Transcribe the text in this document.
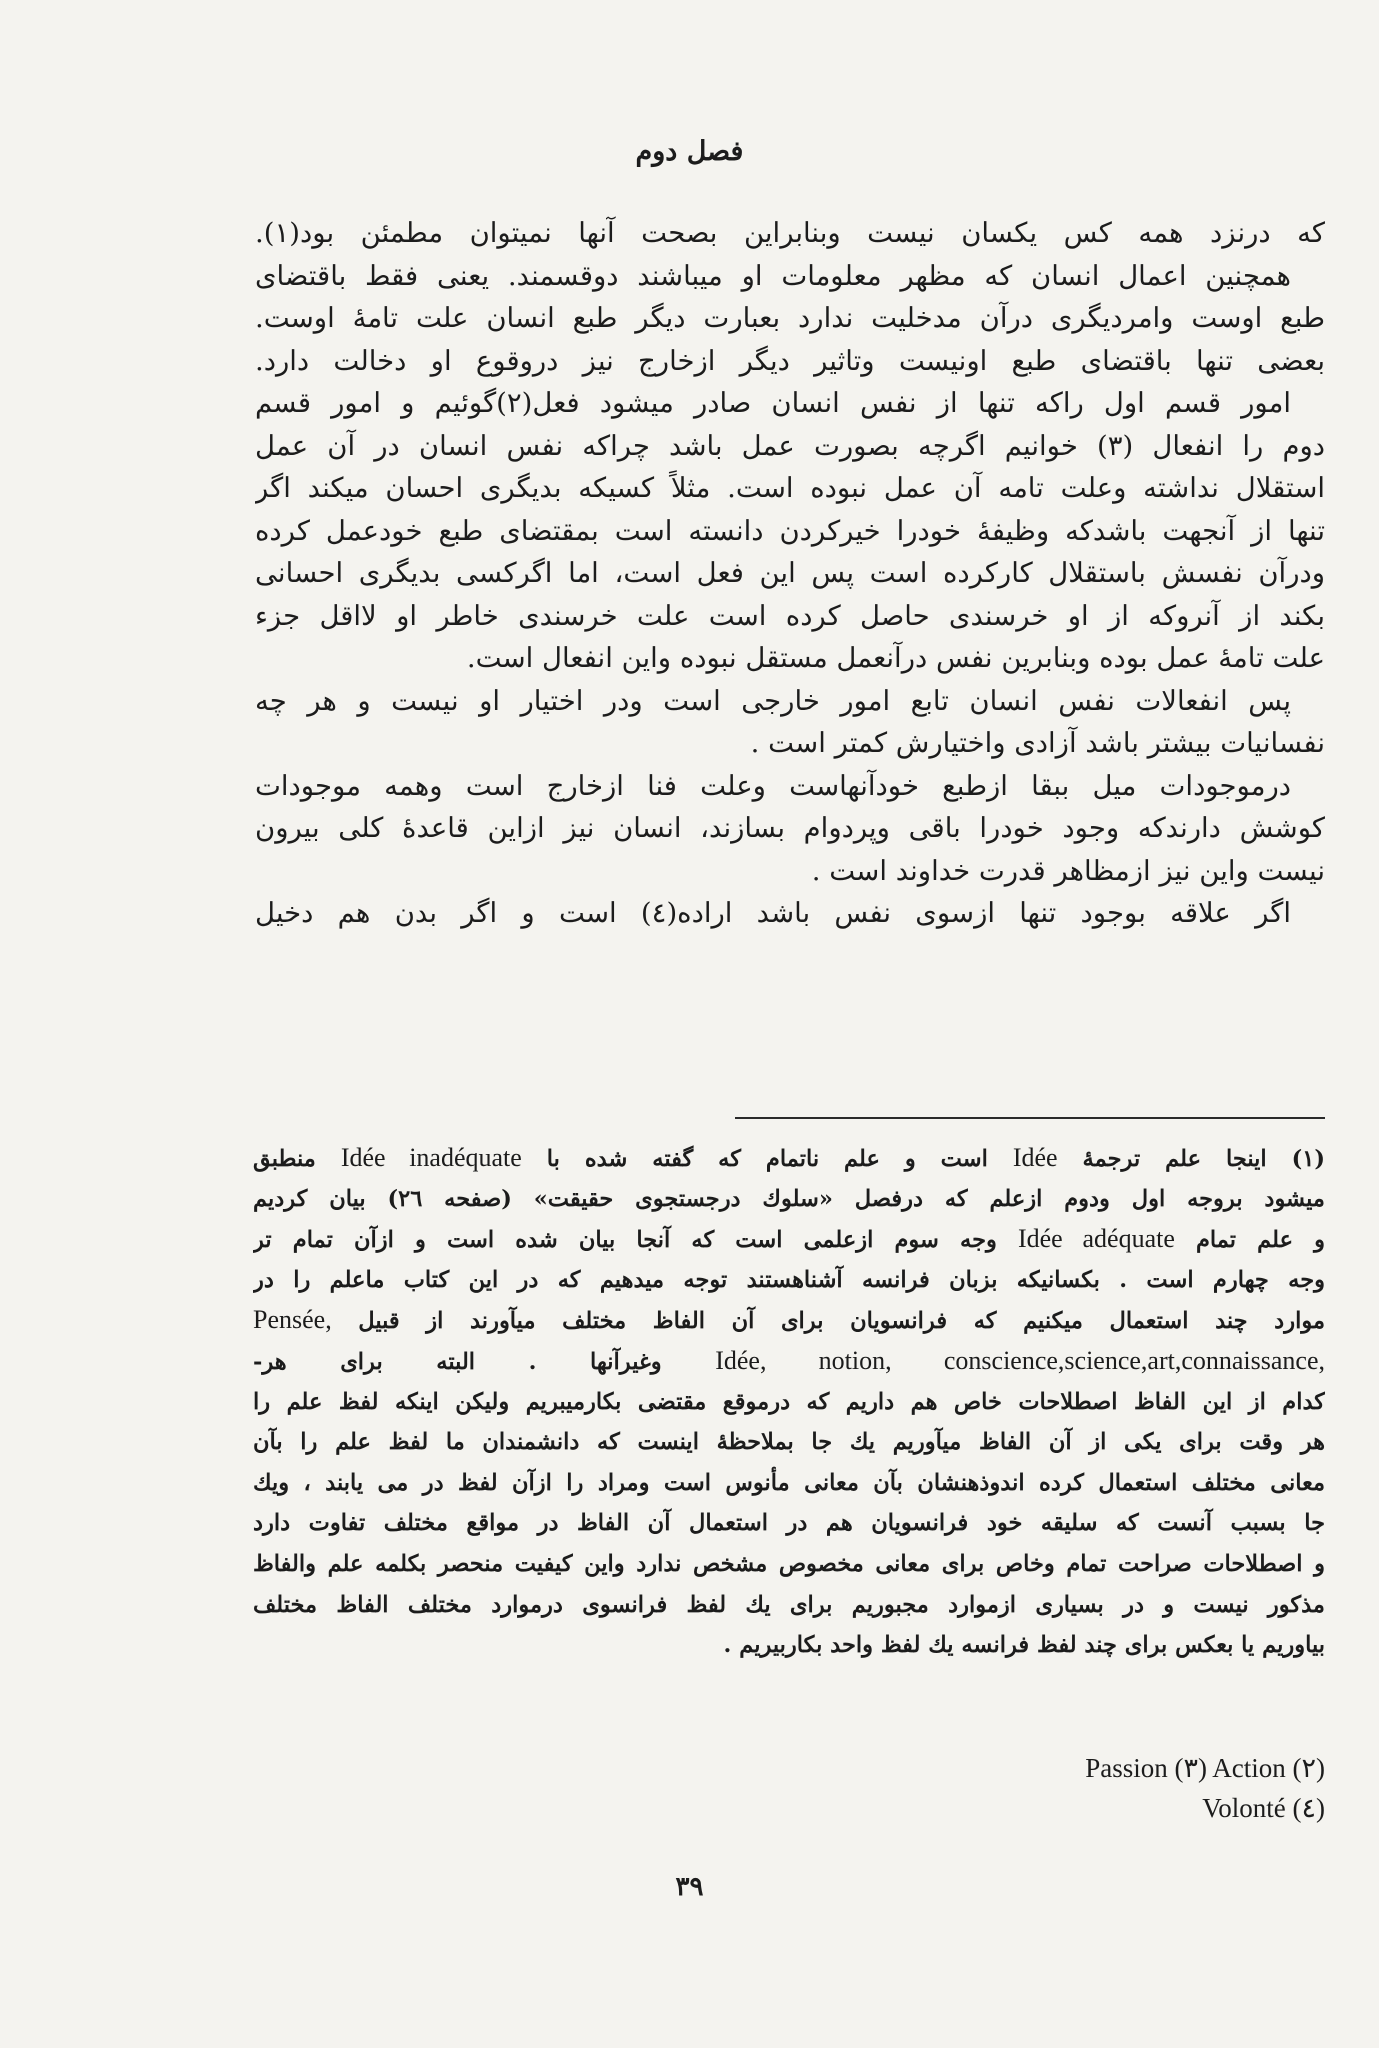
فصل دوم
که درنزد همه کس یکسان نیست وبنابراین بصحت آنها نمیتوان مطمئن بود(۱).
همچنین اعمال انسان که مظهر معلومات او میباشند دوقسمند. یعنی فقط باقتضای
طبع اوست وامردیگری درآن مدخلیت ندارد بعبارت دیگر طبع انسان علت تامهٔ اوست.
بعضی تنها باقتضای طبع اونیست وتاثیر دیگر ازخارج نیز دروقوع او دخالت دارد.
امور قسم اول راکه تنها از نفس انسان صادر میشود فعل(۲)گوئیم و امور قسم
دوم را انفعال (۳) خوانیم اگرچه بصورت عمل باشد چراکه نفس انسان در آن عمل
استقلال نداشته وعلت تامه آن عمل نبوده است. مثلاً کسیکه بدیگری احسان میکند اگر
تنها از آنجهت باشدکه وظیفهٔ خودرا خیرکردن دانسته است بمقتضای طبع خودعمل کرده
ودرآن نفسش باستقلال کارکرده است پس این فعل است، اما اگرکسی بدیگری احسانی
بکند از آنروکه از او خرسندی حاصل کرده است علت خرسندی خاطر او لااقل جزء
علت تامهٔ عمل بوده وبنابرین نفس درآنعمل مستقل نبوده واین انفعال است.
پس انفعالات نفس انسان تابع امور خارجی است ودر اختیار او نیست و هر چه
نفسانیات بیشتر باشد آزادی واختیارش کمتر است .
درموجودات میل ببقا ازطبع خودآنهاست وعلت فنا ازخارج است وهمه موجودات
کوشش دارندکه وجود خودرا باقی وپردوام بسازند، انسان نیز ازاین قاعدهٔ کلی بیرون
نیست واین نیز ازمظاهر قدرت خداوند است .
اگر علاقه بوجود تنها ازسوی نفس باشد اراده(٤) است و اگر بدن هم دخیل
(۱) اینجا علم ترجمهٔ Idée است و علم ناتمام که گفته شده با Idée inadéquate منطبق
میشود بروجه اول ودوم ازعلم که درفصل «سلوك درجستجوی حقیقت» (صفحه ٢٦) بیان کردیم
و علم تمام Idée adéquate وجه سوم ازعلمی است که آنجا بیان شده است و ازآن تمام تر
وجه چهارم است . بکسانیکه بزبان فرانسه آشناهستند توجه میدهیم که در این کتاب ماعلم را در
موارد چند استعمال میکنیم که فرانسویان برای آن الفاظ مختلف میآورند از قبیل Pensée,
Idée, notion, conscience,science,art,connaissance, وغیرآنها . البته برای هر-
کدام از این الفاظ اصطلاحات خاص هم داریم که درموقع مقتضی بکارمیبریم ولیکن اینکه لفظ علم را
هر وقت برای یکی از آن الفاظ میآوریم یك جا بملاحظهٔ اینست که دانشمندان ما لفظ علم را بآن
معانی مختلف استعمال کرده اندوذهنشان بآن معانی مأنوس است ومراد را ازآن لفظ در می یابند ، ویك
جا بسبب آنست که سلیقه خود فرانسویان هم در استعمال آن الفاظ در مواقع مختلف تفاوت دارد
و اصطلاحات صراحت تمام وخاص برای معانی مخصوص مشخص ندارد واین کیفیت منحصر بکلمه علم والفاظ
مذکور نیست و در بسیاری ازموارد مجبوریم برای یك لفظ فرانسوی درموارد مختلف الفاظ مختلف
بیاوریم یا بعکس برای چند لفظ فرانسه یك لفظ واحد بکاربیریم .
Passion (٣) Action (٢)
Volonté (٤)
٣٩
